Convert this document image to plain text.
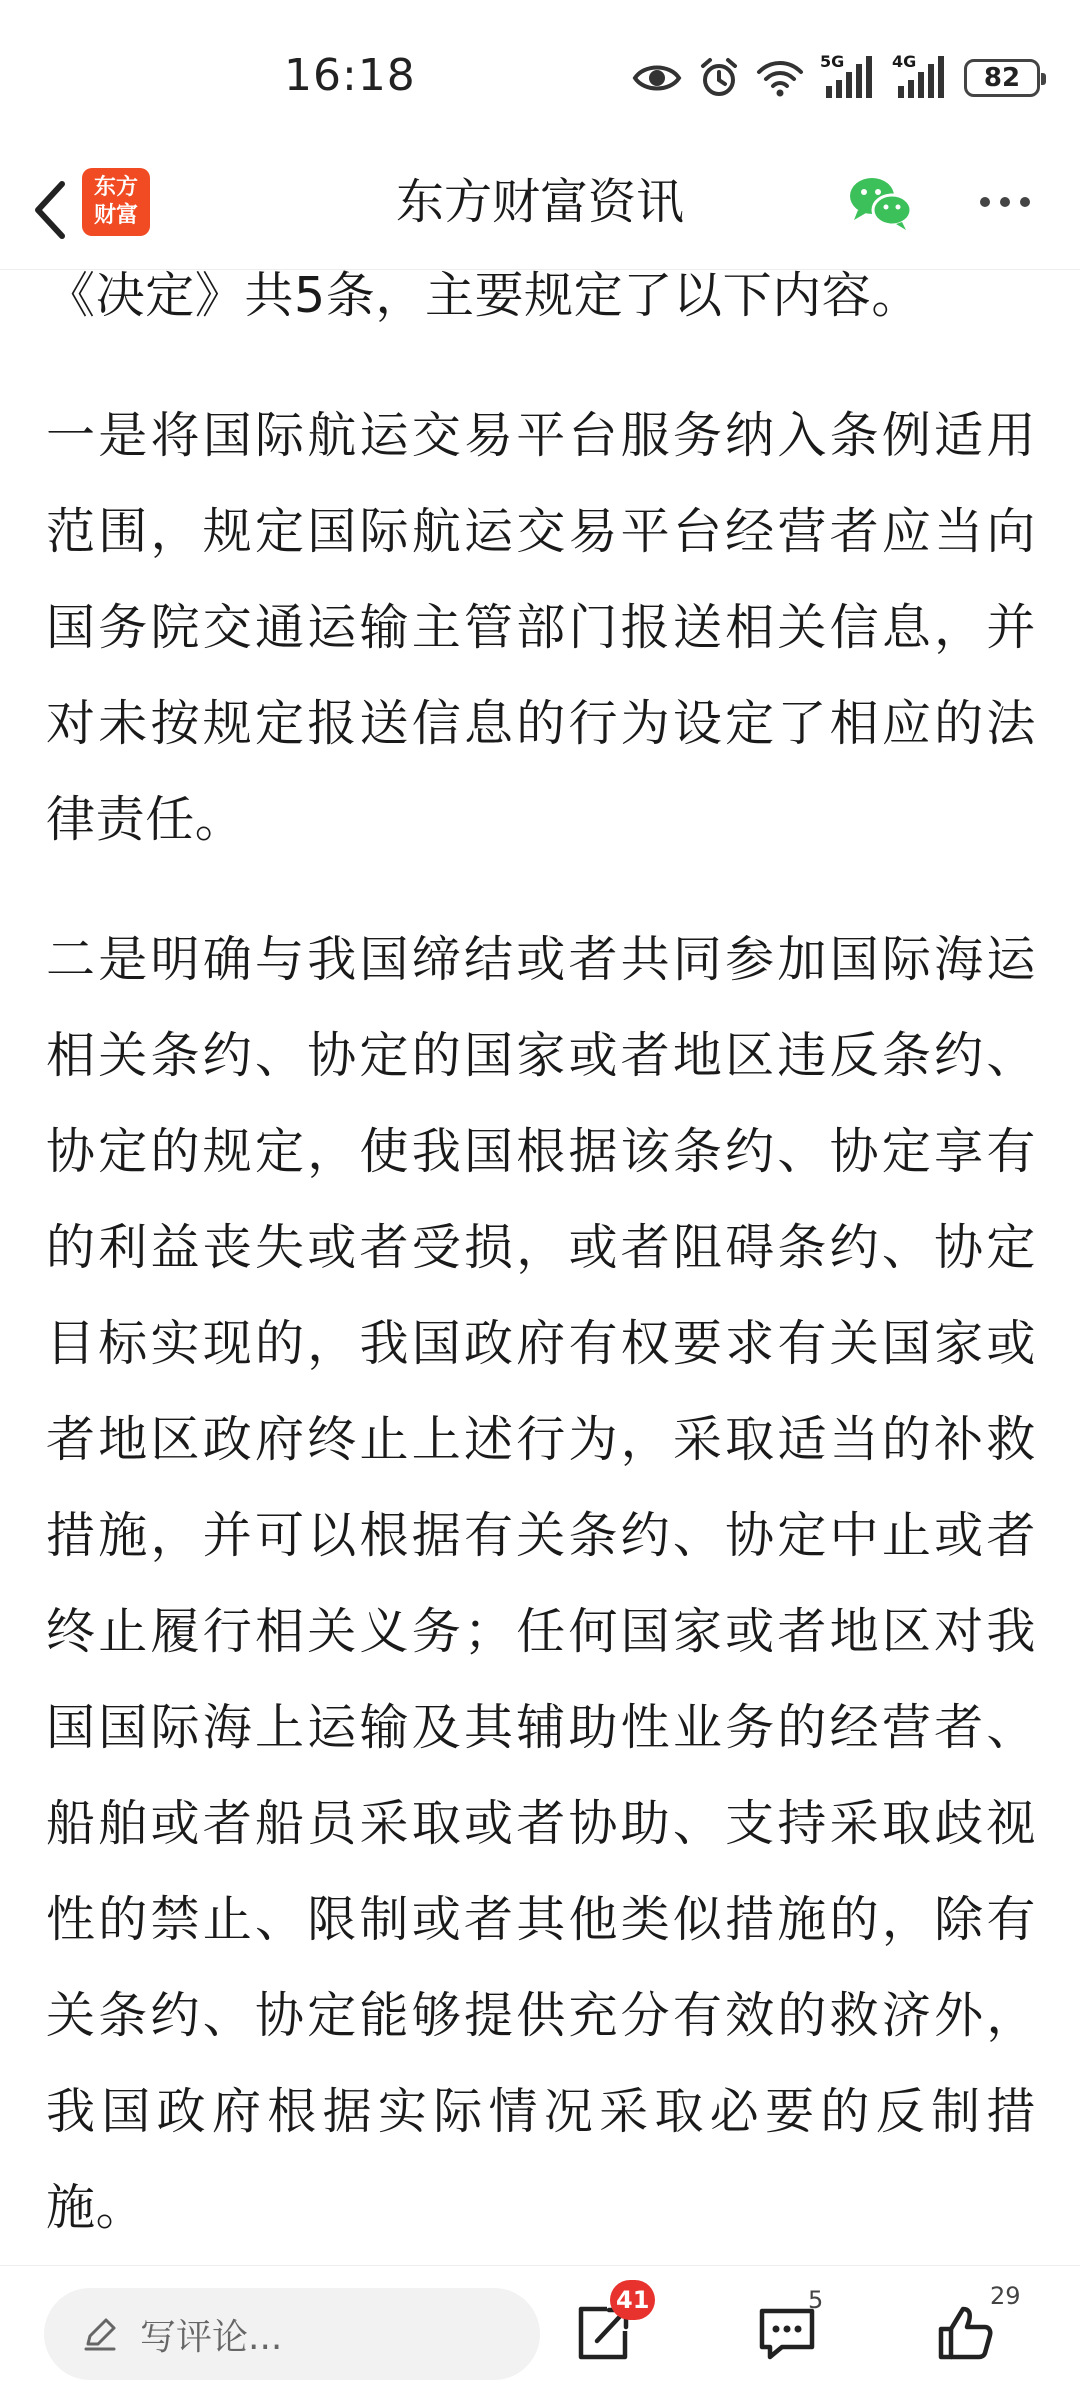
16:18	5G	4G
82
东方
财富	东方财富资讯

《决定》共5条，主要规定了以下内容。

一是将国际航运交易平台服务纳入条例适用范围，规定国际航运交易平台经营者应当向国务院交通运输主管部门报送相关信息，并对未按规定报送信息的行为设定了相应的法律责任。

二是明确与我国缔结或者共同参加国际海运相关条约、协定的国家或者地区违反条约、协定的规定，使我国根据该条约、协定享有的利益丧失或者受损，或者阻碍条约、协定目标实现的，我国政府有权要求有关国家或者地区政府终止上述行为，采取适当的补救措施，并可以根据有关条约、协定中止或者终止履行相关义务；任何国家或者地区对我国国际海上运输及其辅助性业务的经营者、船舶或者船员采取或者协助、支持采取歧视性的禁止、限制或者其他类似措施的，除有关条约、协定能够提供充分有效的救济外，我国政府根据实际情况采取必要的反制措施。

写评论...
41	5	29
